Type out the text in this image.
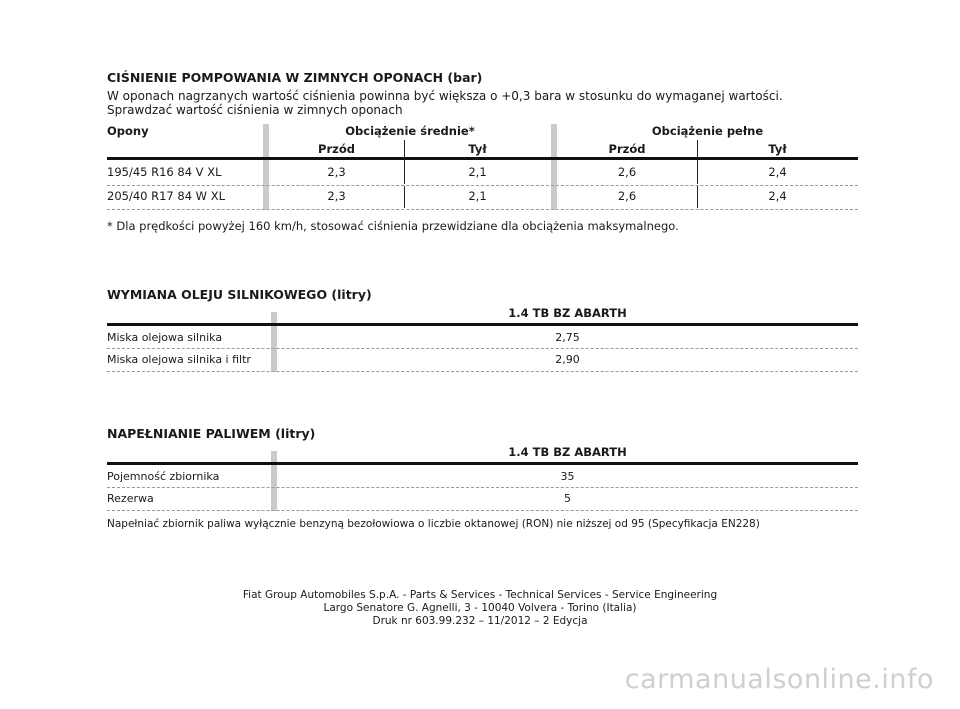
CIŚNIENIE POMPOWANIA W ZIMNYCH OPONACH (bar)
W oponach nagrzanych wartość ciśnienia powinna być większa o +0,3 bara w stosunku do wymaganej wartości.
Sprawdzać wartość ciśnienia w zimnych oponach
Opony	Obciążenie średnie*	Obciążenie pełne
Przód	Tył	Przód	Tył
195/45 R16 84 V XL	2,3	2,1	2,6	2,4
205/40 R17 84 W XL	2,3	2,1	2,6	2,4
* Dla prędkości powyżej 160 km/h, stosować ciśnienia przewidziane dla obciążenia maksymalnego.
WYMIANA OLEJU SILNIKOWEGO (litry)
1.4 TB BZ ABARTH
Miska olejowa silnika	2,75
Miska olejowa silnika i filtr	2,90
NAPEŁNIANIE PALIWEM (litry)
1.4 TB BZ ABARTH
Pojemność zbiornika	35
Rezerwa	5
Napełniać zbiornik paliwa wyłącznie benzyną bezołowiowa o liczbie oktanowej (RON) nie niższej od 95 (Specyfikacja EN228)
Fiat Group Automobiles S.p.A. - Parts & Services - Technical Services - Service Engineering
Largo Senatore G. Agnelli, 3 - 10040 Volvera - Torino (Italia)
Druk nr 603.99.232 – 11/2012 – 2 Edycja
carmanualsonline.info
